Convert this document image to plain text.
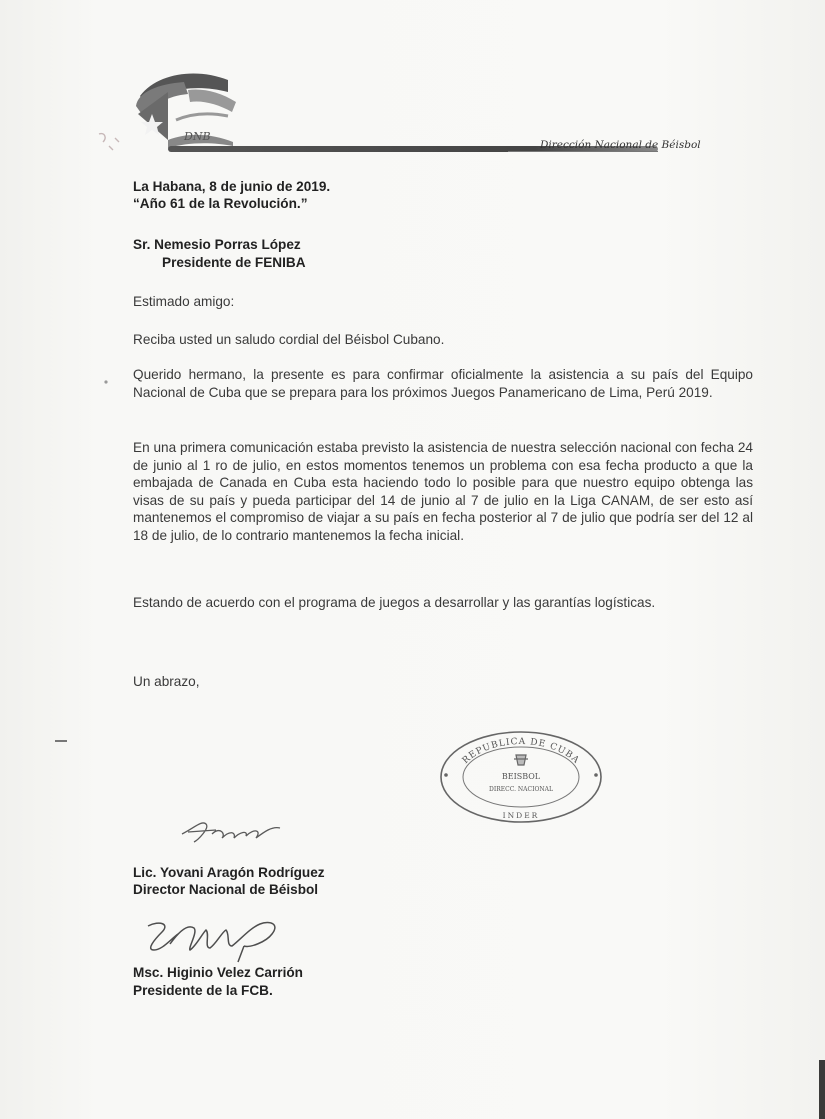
DNB
Dirección Nacional de Béisbol
La Habana, 8 de junio de 2019.
“Año 61 de la Revolución.”
Sr. Nemesio Porras López
Presidente de FENIBA
Estimado amigo:
Reciba usted un saludo cordial del Béisbol Cubano.

Querido hermano, la presente es para confirmar oficialmente la asistencia a su país del Equipo Nacional de Cuba que se prepara para los próximos Juegos Panamericano de Lima, Perú 2019.

En una primera comunicación estaba previsto la asistencia de nuestra selección nacional con fecha 24 de junio al 1 ro de julio, en estos momentos tenemos un problema con esa fecha producto a que la embajada de Canada en Cuba esta haciendo todo lo posible para que nuestro equipo obtenga las visas de su país y pueda participar del 14 de junio al 7 de julio en la Liga CANAM, de ser esto así mantenemos el compromiso de viajar a su país en fecha posterior al 7 de julio que podría ser del 12 al 18 de julio, de lo contrario mantenemos la fecha inicial.

Estando de acuerdo con el programa de juegos a desarrollar y las garantías logísticas.

Un abrazo,
REPUBLICA DE CUBA
BEISBOL
DIRECC. NACIONAL
INDER
Lic. Yovani Aragón Rodríguez
Director Nacional de Béisbol
Msc. Higinio Velez Carrión
Presidente de la FCB.
